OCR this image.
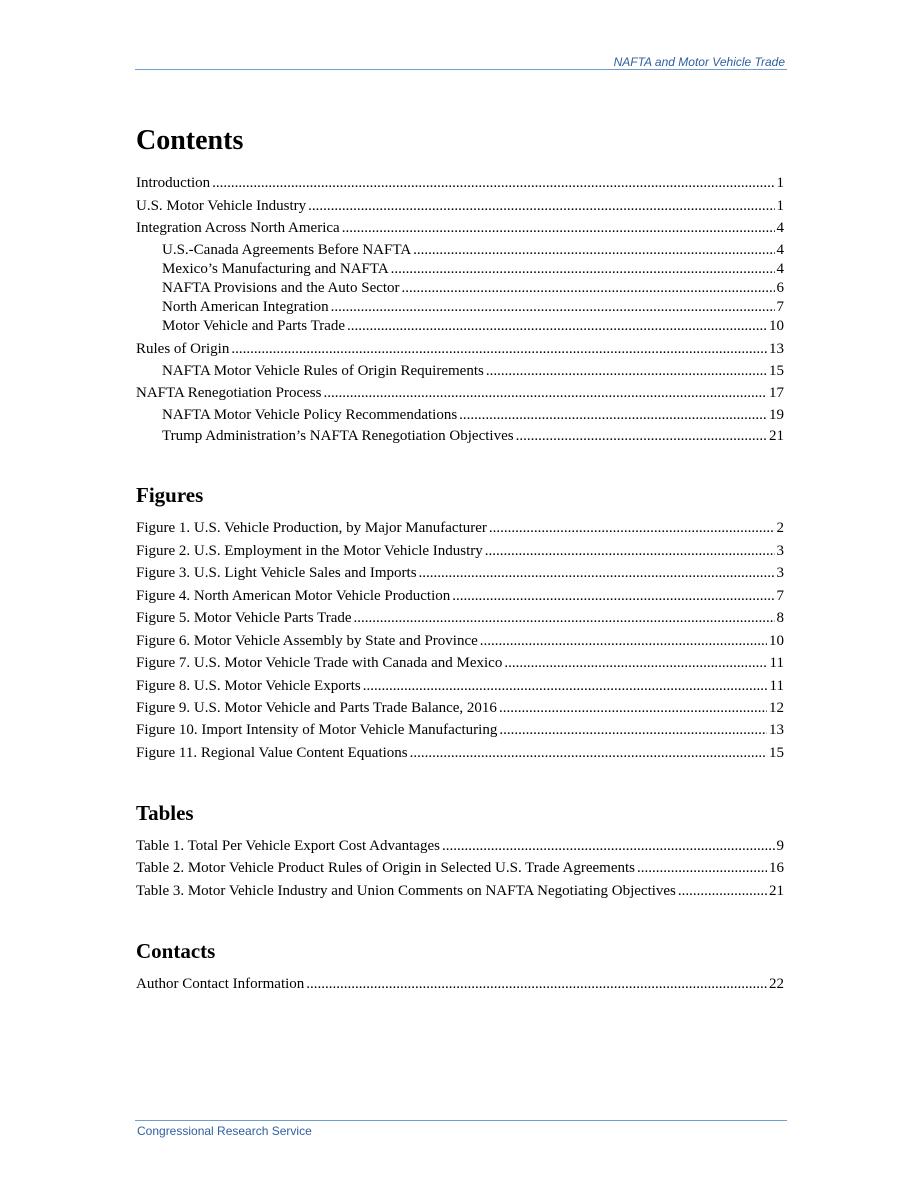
NAFTA and Motor Vehicle Trade
Contents
Introduction .....	1
U.S. Motor Vehicle Industry .....	1
Integration Across North America .....	4
U.S.-Canada Agreements Before NAFTA .....	4
Mexico’s Manufacturing and NAFTA .....	4
NAFTA Provisions and the Auto Sector .....	6
North American Integration .....	7
Motor Vehicle and Parts Trade .....	10
Rules of Origin .....	13
NAFTA Motor Vehicle Rules of Origin Requirements .....	15
NAFTA Renegotiation Process .....	17
NAFTA Motor Vehicle Policy Recommendations .....	19
Trump Administration’s NAFTA Renegotiation Objectives .....	21
Figures
Figure 1. U.S. Vehicle Production, by Major Manufacturer .....	2
Figure 2. U.S. Employment in the Motor Vehicle Industry .....	3
Figure 3. U.S. Light Vehicle Sales and Imports .....	3
Figure 4. North American Motor Vehicle Production .....	7
Figure 5. Motor Vehicle Parts Trade .....	8
Figure 6. Motor Vehicle Assembly by State and Province .....	10
Figure 7. U.S. Motor Vehicle Trade with Canada and Mexico .....	11
Figure 8. U.S. Motor Vehicle Exports .....	11
Figure 9. U.S. Motor Vehicle and Parts Trade Balance, 2016 .....	12
Figure 10. Import Intensity of Motor Vehicle Manufacturing .....	13
Figure 11. Regional Value Content Equations .....	15
Tables
Table 1. Total Per Vehicle Export Cost Advantages .....	9
Table 2. Motor Vehicle Product Rules of Origin in Selected U.S. Trade Agreements .....	16
Table 3. Motor Vehicle Industry and Union Comments on NAFTA Negotiating Objectives .....	21
Contacts
Author Contact Information .....	22
Congressional Research Service
